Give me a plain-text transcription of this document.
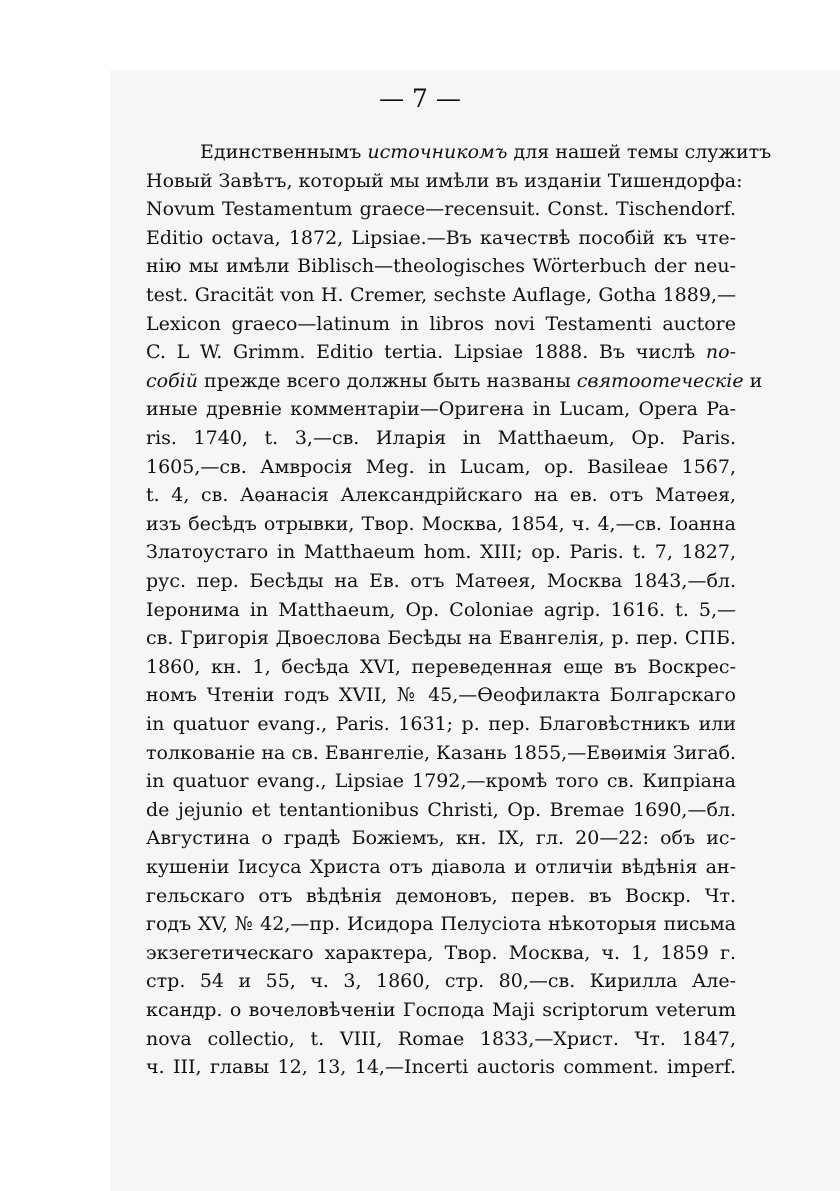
— 7 —
Единственнымъ источникомъ для нашей темы служитъ
Новый Завѣтъ, который мы имѣли въ изданіи Тишендорфа:
Novum Testamentum graece—recensuit. Const. Tischendorf.
Editio octava, 1872, Lipsiae.—Въ качествѣ пособій къ чте-
нію мы имѣли Biblisch—theologisches Wörterbuch der neu-
test. Gracität von H. Cremer, sechste Auflage, Gotha 1889,—
Lexicon graeco—latinum in libros novi Testamenti auctore
C. L W. Grimm. Editio tertia. Lipsiae 1888. Въ числѣ по-
собій прежде всего должны быть названы святоотеческіе и
иные древніе комментаріи—Оригена in Lucam, Opera Pa-
ris. 1740, t. 3,—св. Иларія in Matthaeum, Op. Paris.
1605,—св. Амвросія Meg. in Lucam, op. Basileae 1567,
t. 4, св. Аѳанасія Александрійскаго на ев. отъ Матѳея,
изъ бесѣдъ отрывки, Твор. Москва, 1854, ч. 4,—св. Іоанна
Златоустаго in Matthaeum hom. XIII; ор. Paris. t. 7, 1827,
рус. пер. Бесѣды на Ев. отъ Матѳея, Москва 1843,—бл.
Іеронима in Matthaeum, Op. Coloniae agrip. 1616. t. 5,—
св. Григорія Двоеслова Бесѣды на Евангелія, р. пер. СПБ.
1860, кн. 1, бесѣда XVI, переведенная еще въ Воскрес-
номъ Чтеніи годъ XVII, № 45,—Ѳеофилакта Болгарскаго
in quatuor evang., Paris. 1631; р. пер. Благовѣстникъ или
толкованіе на св. Евангеліе, Казань 1855,—Евѳимія Зигаб.
in quatuor evang., Lipsiae 1792,—кромѣ того св. Кипріана
de jejunio et tentantionibus Christi, Op. Bremae 1690,—бл.
Августина о градѣ Божіемъ, кн. IX, гл. 20—22: объ ис-
кушеніи Іисуса Христа отъ діавола и отличіи вѣдѣнія ан-
гельскаго отъ вѣдѣнія демоновъ, перев. въ Воскр. Чт.
годъ XV, № 42,—пр. Исидора Пелусіота нѣкоторыя письма
экзегетическаго характера, Твор. Москва, ч. 1, 1859 г.
стр. 54 и 55, ч. 3, 1860, стр. 80,—св. Кирилла Але-
ксандр. о вочеловѣченіи Господа Maji scriptorum veterum
nova collectio, t. VIII, Romae 1833,—Христ. Чт. 1847,
ч. III, главы 12, 13, 14,—Incerti auctoris comment. imperf.
